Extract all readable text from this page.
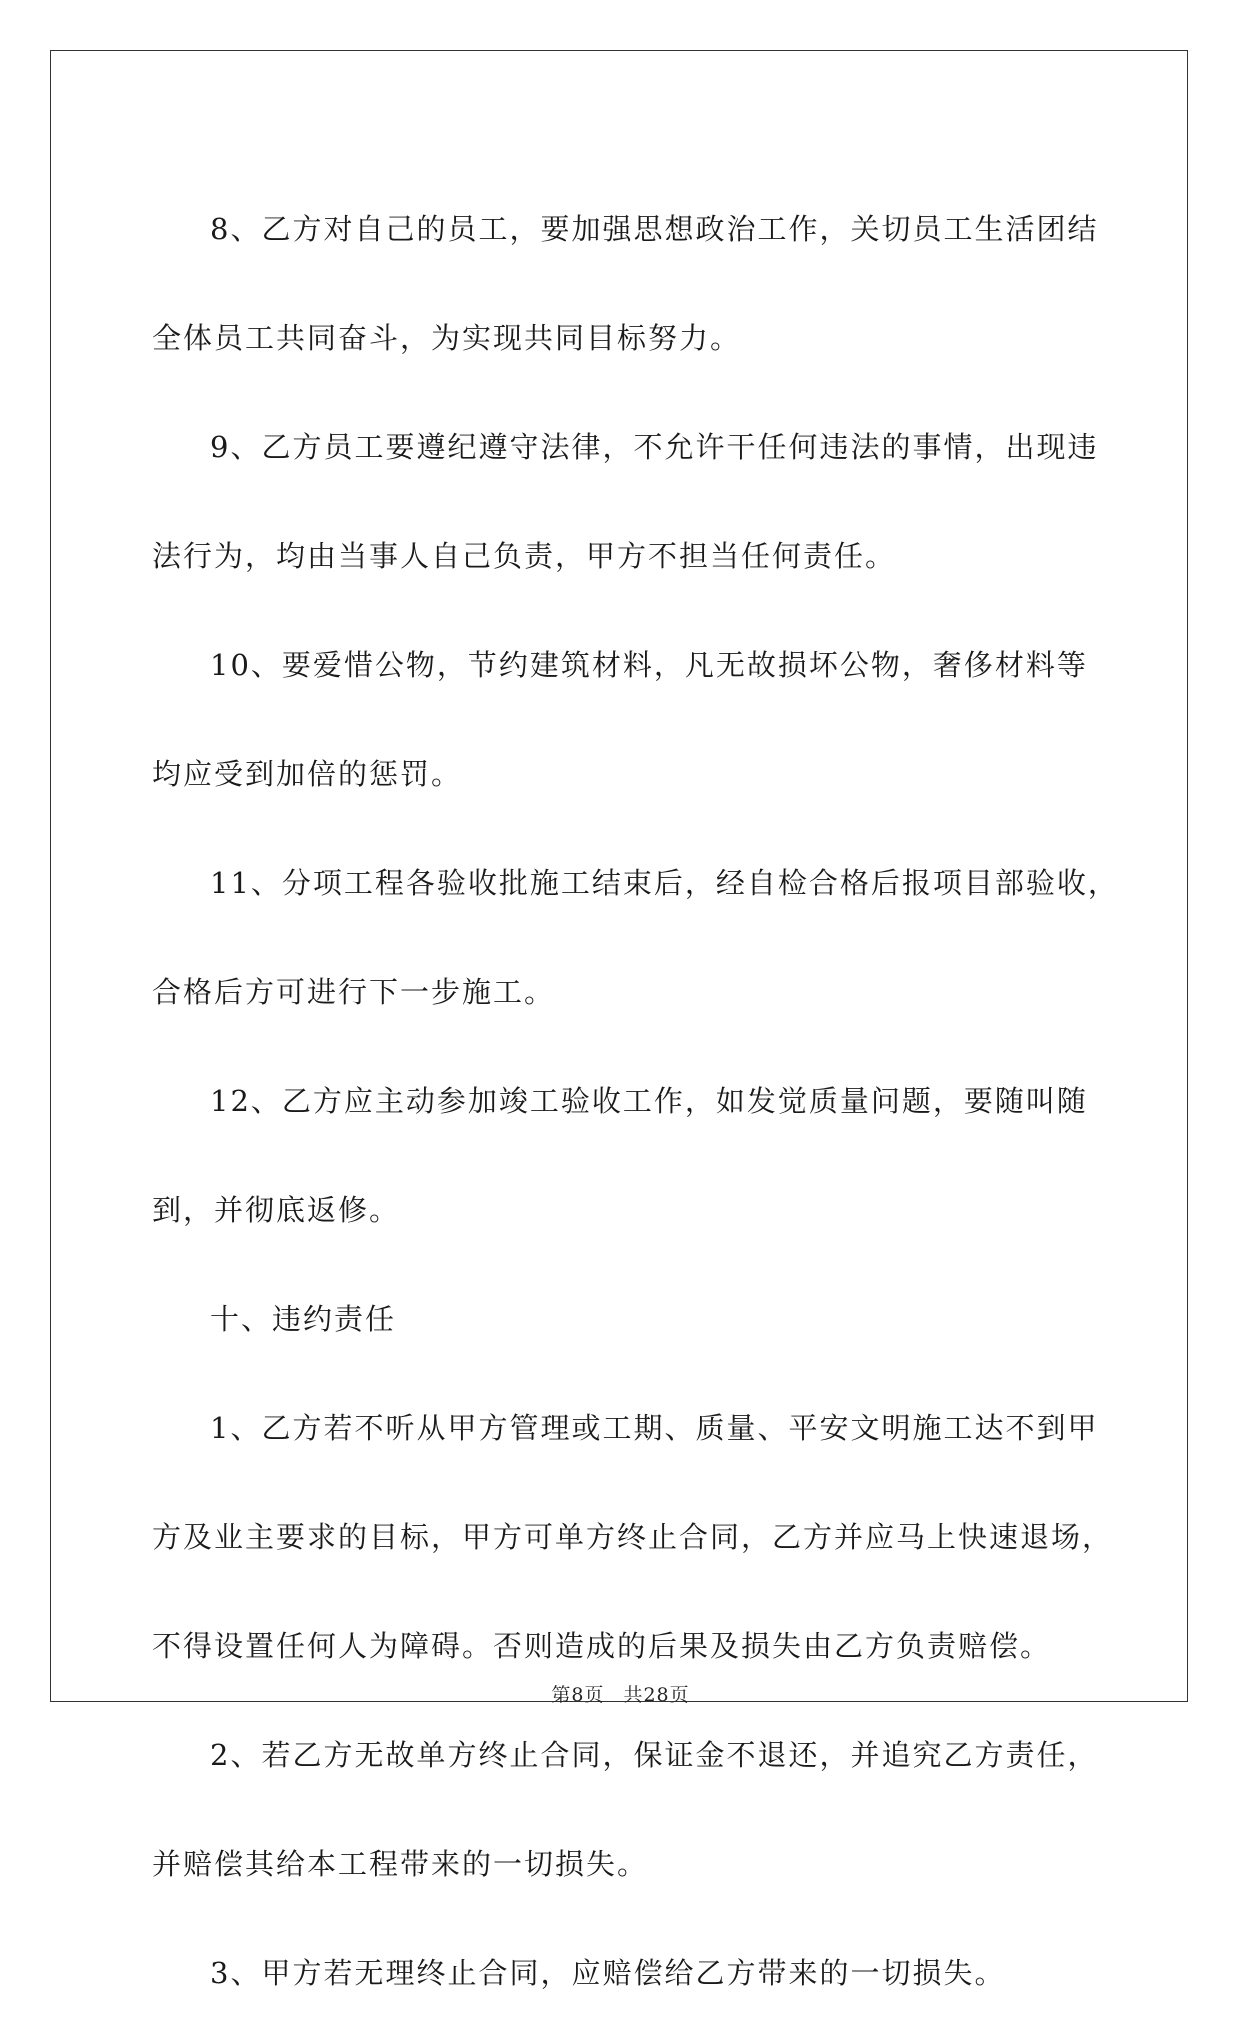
8、乙方对自己的员工，要加强思想政治工作，关切员工生活团结

全体员工共同奋斗，为实现共同目标努力。

9、乙方员工要遵纪遵守法律，不允许干任何违法的事情，出现违

法行为，均由当事人自己负责，甲方不担当任何责任。

10、要爱惜公物，节约建筑材料，凡无故损坏公物，奢侈材料等

均应受到加倍的惩罚。

11、分项工程各验收批施工结束后，经自检合格后报项目部验收，

合格后方可进行下一步施工。

12、乙方应主动参加竣工验收工作，如发觉质量问题，要随叫随

到，并彻底返修。

十、违约责任

1、乙方若不听从甲方管理或工期、质量、平安文明施工达不到甲

方及业主要求的目标，甲方可单方终止合同，乙方并应马上快速退场，

不得设置任何人为障碍。否则造成的后果及损失由乙方负责赔偿。

2、若乙方无故单方终止合同，保证金不退还，并追究乙方责任，

并赔偿其给本工程带来的一切损失。

3、甲方若无理终止合同，应赔偿给乙方带来的一切损失。

第8页 共28页
